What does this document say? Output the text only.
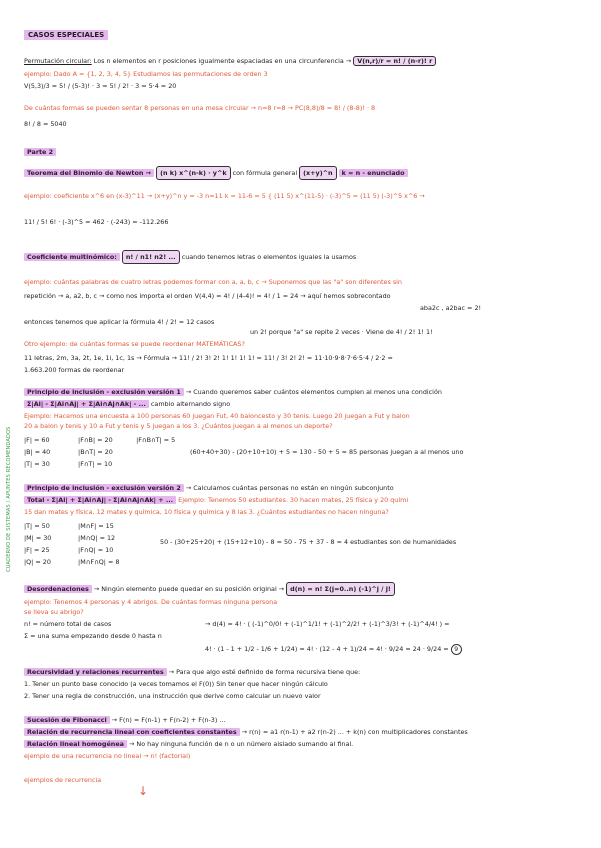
CUADERNO DE SISTEMAS / APUNTES RECOMENDADOS
CASOS ESPECIALES
Permutación circular: Los n elementos en r posiciones igualmente espaciadas en una circunferencia → V(n,r)/r = n! / (n-r)! r
ejemplo: Dado A = {1, 2, 3, 4, 5} Estudiamos las permutaciones de orden 3
V(5,3)/3 = 5! / (5-3)! · 3 = 5! / 2! · 3 = 5·4 = 20
De cuántas formas se pueden sentar 8 personas en una mesa circular → n=8 r=8 → PC(8,8)/8 = 8! / (8-8)! · 8
8! / 8 = 5040
Parte 2
Teorema del Binomio de Newton → (n k) x^(n-k) · y^k con fórmula general (x+y)^n k = n - enunciado
ejemplo: coeficiente x^6 en (x-3)^11 → (x+y)^n y = -3 n=11 k = 11-6 = 5 { (11 5) x^(11-5) · (-3)^5 = (11 5) (-3)^5 x^6 →
11! / 5! 6! · (-3)^5 = 462 · (-243) = -112.266
Coeficiente multinómico: n! / n1! n2! ... cuando tenemos letras o elementos iguales la usamos
ejemplo: cuántas palabras de cuatro letras podemos formar con a, a, b, c → Suponemos que las "a" son diferentes sin
repetición → a, a2, b, c → como nos importa el orden V(4,4) = 4! / (4-4)! = 4! / 1 = 24 → aquí hemos sobrecontado
aba2c , a2bac = 2!
entonces tenemos que aplicar la fórmula 4! / 2! = 12 casos
un 2! porque "a" se repite 2 veces · Viene de 4! / 2! 1! 1!
Otro ejemplo: de cuántas formas se puede reordenar MATEMÁTICAS?
11 letras, 2m, 3a, 2t, 1e, 1i, 1c, 1s → Fórmula → 11! / 2! 3! 2! 1! 1! 1! 1! = 11! / 3! 2! 2! = 11·10·9·8·7·6·5·4 / 2·2 =
1.663.200 formas de reordenar
Principio de inclusión - exclusión versión 1 → Cuando queremos saber cuántos elementos cumplen al menos una condición
Σ|Ai| - Σ|Ai∩Aj| + Σ|Ai∩Aj∩Ak| - ... cambio alternando signo
Ejemplo: Hacemos una encuesta a 100 personas 60 juegan Fut, 40 baloncesto y 30 tenis. Luego 20 juegan a Fut y balon
20 a balon y tenis y 10 a Fut y tenis y 5 juegan a los 3. ¿Cuántos juegan a al menos un deporte?
|F| = 60	|F∩B| = 20	|F∩B∩T| = 5
|B| = 40	|B∩T| = 20	(60+40+30) - (20+10+10) + 5 = 130 - 50 + 5 = 85 personas juegan a al menos uno
|T| = 30	|F∩T| = 10
Principio de inclusión - exclusión versión 2 → Calculamos cuántas personas no están en ningún subconjunto
Total - Σ|Ai| + Σ|Ai∩Aj| - Σ|Ai∩Aj∩Ak| + ... Ejemplo: Tenemos 50 estudiantes. 30 hacen mates, 25 física y 20 quími
15 dan mates y física, 12 mates y química, 10 física y química y 8 las 3. ¿Cuántos estudiantes no hacen ninguna?
|T| = 50	|M∩F| = 15
|M| = 30	|M∩Q| = 12	50 - (30+25+20) + (15+12+10) - 8 = 50 - 75 + 37 - 8 = 4 estudiantes son de humanidades
|F| = 25	|F∩Q| = 10
|Q| = 20	|M∩F∩Q| = 8
Desordenaciones → Ningún elemento puede quedar en su posición original → d(n) = n! Σ(j=0..n) (-1)^j / j!
ejemplo: Tenemos 4 personas y 4 abrigos. De cuántas formas ninguna persona
se lleva su abrigo?
n! = número total de casos	→ d(4) = 4! · ( (-1)^0/0! + (-1)^1/1! + (-1)^2/2! + (-1)^3/3! + (-1)^4/4! ) =
Σ = una suma empezando desde 0 hasta n
4! · (1 - 1 + 1/2 - 1/6 + 1/24) = 4! · (12 - 4 + 1)/24 = 4! · 9/24 = 24 · 9/24 = 9
Recursividad y relaciones recurrentes → Para que algo esté definido de forma recursiva tiene que:
1. Tener un punto base conocido (a veces tomamos el F(0)) Sin tener que hacer ningún cálculo
2. Tener una regla de construcción, una instrucción que derive como calcular un nuevo valor
Sucesión de Fibonacci → F(n) = F(n-1) + F(n-2) + F(n-3) ...
Relación de recurrencia lineal con coeficientes constantes → r(n) = a1 r(n-1) + a2 r(n-2) ... + k(n) con multiplicadores constantes
Relación lineal homogénea → No hay ninguna función de n o un número aislado sumando al final.
ejemplo de una recurrencia no lineal → n! (factorial)
ejemplos de recurrencia
↓
